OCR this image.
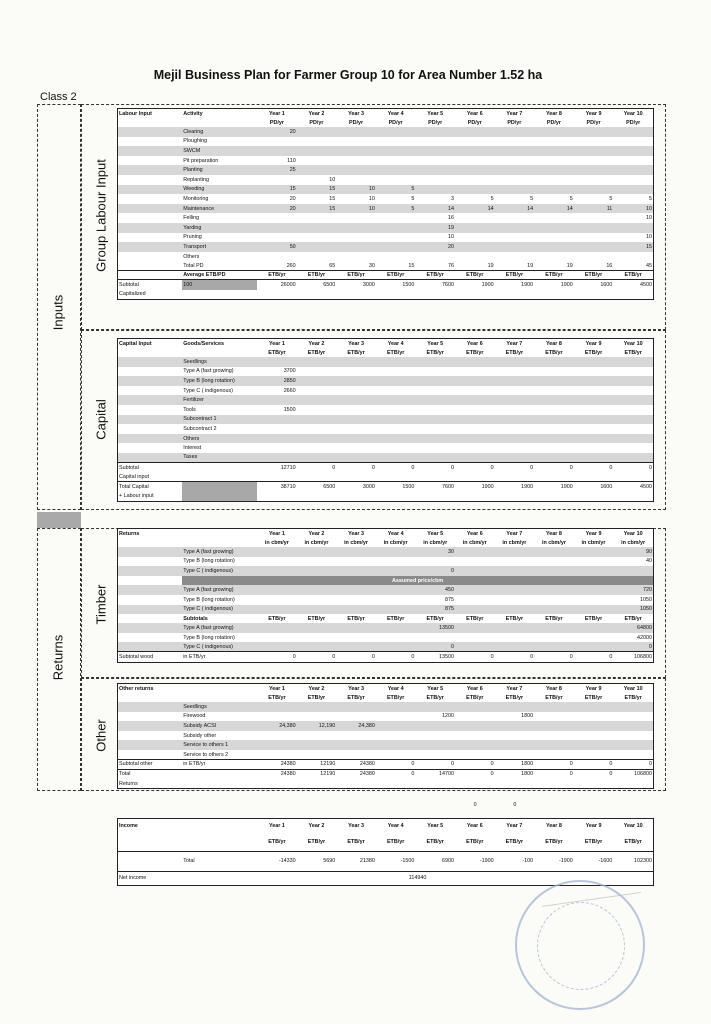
Mejil Business Plan for Farmer Group 10 for Area Number 1.52 ha
Class 2
Inputs
Group Labour Input
Capital
Returns
Timber
Other
Labour Input	Activity	Year 1	Year 2	Year 3	Year 4	Year 5	Year 6	Year 7	Year 8	Year 9	Year 10
		PD/yr	PD/yr	PD/yr	PD/yr	PD/yr	PD/yr	PD/yr	PD/yr	PD/yr	PD/yr
	Clearing	20									
	Ploughing										
	SWCM										
	Pit preparation	110									
	Planting	25									
	Replanting		10								
	Weeding	15	15	10	5						
	Monitoring	20	15	10	5	3	5	5	5	5	5
	Maintenance	20	15	10	5	14	14	14	14	11	10
	Felling					16					10
	Yarding					19					
	Pruning					10					10
	Transport	50				20					15
	Others										
	Total PD	260	65	30	15	76	19	19	19	16	45
	Average ETB/PD	ETB/yr	ETB/yr	ETB/yr	ETB/yr	ETB/yr	ETB/yr	ETB/yr	ETB/yr	ETB/yr	ETB/yr
Subtotal	100	26000	6500	3000	1500	7600	1900	1900	1900	1600	4500
Capitalized											
Capital Input	Goods/Services	Year 1	Year 2	Year 3	Year 4	Year 5	Year 6	Year 7	Year 8	Year 9	Year 10
		ETB/yr	ETB/yr	ETB/yr	ETB/yr	ETB/yr	ETB/yr	ETB/yr	ETB/yr	ETB/yr	ETB/yr
	Seedlings										
	Type A (fast growing)	3700									
	Type B (long rotation)	2850									
	Type C ( indigenous)	2660									
	Fertilizer										
	Tools	1500									
	Subcontract 1										
	Subcontract 2										
	Others										
	Interest										
	Taxes										
Subtotal		12710	0	0	0	0	0	0	0	0	0
Capital input											
Total Capital		38710	6500	3000	1500	7600	1900	1900	1900	1600	4500
+ Labour input											
Returns		Year 1	Year 2	Year 3	Year 4	Year 5	Year 6	Year 7	Year 8	Year 9	Year 10
		in cbm/yr	in cbm/yr	in cbm/yr	in cbm/yr	in cbm/yr	in cbm/yr	in cbm/yr	in cbm/yr	in cbm/yr	in cbm/yr
	Type A (fast growing)					30					90
	Type B (long rotation)										40
	Type C ( indigenous)					0					
	Assumed price/cbm										
	Type A (fast growing)					450					720
	Type B (long rotation)					875					1050
	Type C ( indigenous)					875					1050
	Subtotals	ETB/yr	ETB/yr	ETB/yr	ETB/yr	ETB/yr	ETB/yr	ETB/yr	ETB/yr	ETB/yr	ETB/yr
	Type A (fast growing)					13500					64800
	Type B (long rotation)										42000
	Type C ( indigenous)					0					0
Subtotal wood	in ETB/yr	0	0	0	0	13500	0	0	0	0	106800
Other returns		Year 1	Year 2	Year 3	Year 4	Year 5	Year 6	Year 7	Year 8	Year 9	Year 10
		ETB/yr	ETB/yr	ETB/yr	ETB/yr	ETB/yr	ETB/yr	ETB/yr	ETB/yr	ETB/yr	ETB/yr
	Seedlings										
	Firewood					1200		1800			
	Subsidy ACSI	24,380	12,190	24,380							
	Subsidy other										
	Service to others 1										
	Service to others 2										
Subtotal other	in ETB/yr	24380	12190	24380	0	0	0	1800	0	0	0
Total		24380	12190	24380	0	14700	0	1800	0	0	106800
Returns											
Income		Year 1	Year 2	Year 3	Year 4	Year 5	Year 6	Year 7	Year 8	Year 9	Year 10
		ETB/yr	ETB/yr	ETB/yr	ETB/yr	ETB/yr	ETB/yr	ETB/yr	ETB/yr	ETB/yr	ETB/yr
	Total	-14330	5690	21380	-1500	6900	-1900	-100	-1900	-1600	102300
Net income	114940										
							0	0			
